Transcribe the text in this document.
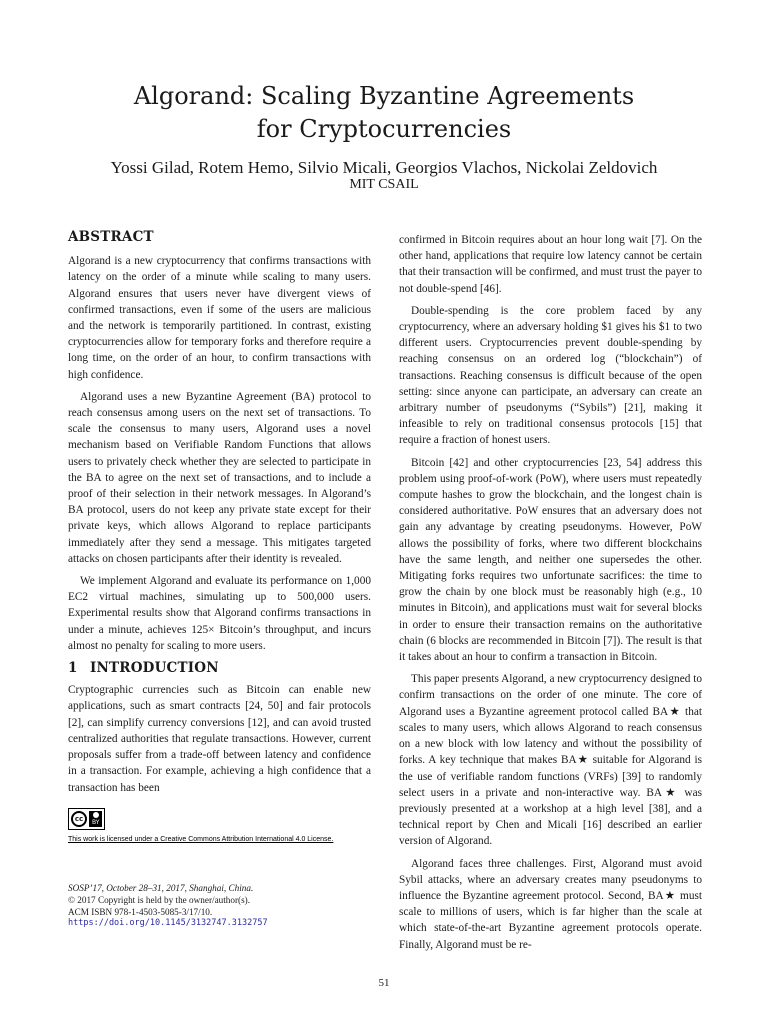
Algorand: Scaling Byzantine Agreements
for Cryptocurrencies
Yossi Gilad, Rotem Hemo, Silvio Micali, Georgios Vlachos, Nickolai Zeldovich
MIT CSAIL
ABSTRACT

Algorand is a new cryptocurrency that confirms transactions with latency on the order of a minute while scaling to many users. Algorand ensures that users never have divergent views of confirmed transactions, even if some of the users are malicious and the network is temporarily partitioned. In contrast, existing cryptocurrencies allow for temporary forks and therefore require a long time, on the order of an hour, to confirm transactions with high confidence.

Algorand uses a new Byzantine Agreement (BA) protocol to reach consensus among users on the next set of transactions. To scale the consensus to many users, Algorand uses a novel mechanism based on Verifiable Random Functions that allows users to privately check whether they are selected to participate in the BA to agree on the next set of transactions, and to include a proof of their selection in their network messages. In Algorand’s BA protocol, users do not keep any private state except for their private keys, which allows Algorand to replace participants immediately after they send a message. This mitigates targeted attacks on chosen participants after their identity is revealed.

We implement Algorand and evaluate its performance on 1,000 EC2 virtual machines, simulating up to 500,000 users. Experimental results show that Algorand confirms transactions in under a minute, achieves 125× Bitcoin’s throughput, and incurs almost no penalty for scaling to more users.

1 INTRODUCTION

Cryptographic currencies such as Bitcoin can enable new applications, such as smart contracts [24, 50] and fair protocols [2], can simplify currency conversions [12], and can avoid trusted centralized authorities that regulate transactions. However, current proposals suffer from a trade-off between latency and confidence in a transaction. For example, achieving a high confidence that a transaction has been

cc	BY
This work is licensed under a Creative Commons Attribution International 4.0 License.
SOSP’17, October 28–31, 2017, Shanghai, China.
© 2017 Copyright is held by the owner/author(s).
ACM ISBN 978-1-4503-5085-3/17/10.
https://doi.org/10.1145/3132747.3132757

confirmed in Bitcoin requires about an hour long wait [7]. On the other hand, applications that require low latency cannot be certain that their transaction will be confirmed, and must trust the payer to not double-spend [46].

Double-spending is the core problem faced by any cryptocurrency, where an adversary holding $1 gives his $1 to two different users. Cryptocurrencies prevent double-spending by reaching consensus on an ordered log (“blockchain”) of transactions. Reaching consensus is difficult because of the open setting: since anyone can participate, an adversary can create an arbitrary number of pseudonyms (“Sybils”) [21], making it infeasible to rely on traditional consensus protocols [15] that require a fraction of honest users.

Bitcoin [42] and other cryptocurrencies [23, 54] address this problem using proof-of-work (PoW), where users must repeatedly compute hashes to grow the blockchain, and the longest chain is considered authoritative. PoW ensures that an adversary does not gain any advantage by creating pseudonyms. However, PoW allows the possibility of forks, where two different blockchains have the same length, and neither one supersedes the other. Mitigating forks requires two unfortunate sacrifices: the time to grow the chain by one block must be reasonably high (e.g., 10 minutes in Bitcoin), and applications must wait for several blocks in order to ensure their transaction remains on the authoritative chain (6 blocks are recommended in Bitcoin [7]). The result is that it takes about an hour to confirm a transaction in Bitcoin.

This paper presents Algorand, a new cryptocurrency designed to confirm transactions on the order of one minute. The core of Algorand uses a Byzantine agreement protocol called BA★ that scales to many users, which allows Algorand to reach consensus on a new block with low latency and without the possibility of forks. A key technique that makes BA★ suitable for Algorand is the use of verifiable random functions (VRFs) [39] to randomly select users in a private and non-interactive way. BA★ was previously presented at a workshop at a high level [38], and a technical report by Chen and Micali [16] described an earlier version of Algorand.

Algorand faces three challenges. First, Algorand must avoid Sybil attacks, where an adversary creates many pseudonyms to influence the Byzantine agreement protocol. Second, BA★ must scale to millions of users, which is far higher than the scale at which state-of-the-art Byzantine agreement protocols operate. Finally, Algorand must be re-

51
